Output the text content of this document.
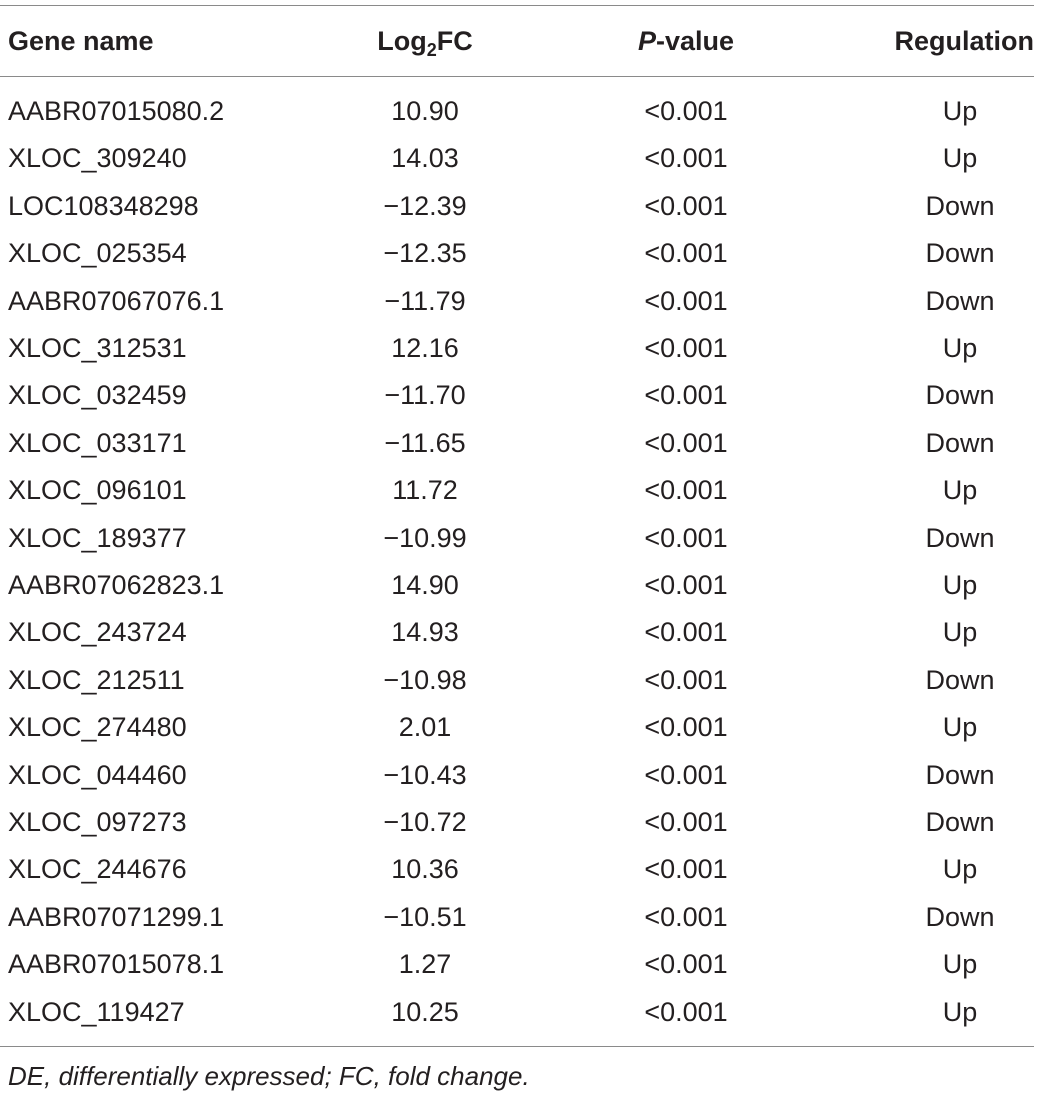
Gene name	Log$_2$FC	P-value	Regulation
AABR07015080.2	10.90	<0.001	Up
XLOC_309240	14.03	<0.001	Up
LOC108348298	−12.39	<0.001	Down
XLOC_025354	−12.35	<0.001	Down
AABR07067076.1	−11.79	<0.001	Down
XLOC_312531	12.16	<0.001	Up
XLOC_032459	−11.70	<0.001	Down
XLOC_033171	−11.65	<0.001	Down
XLOC_096101	11.72	<0.001	Up
XLOC_189377	−10.99	<0.001	Down
AABR07062823.1	14.90	<0.001	Up
XLOC_243724	14.93	<0.001	Up
XLOC_212511	−10.98	<0.001	Down
XLOC_274480	2.01	<0.001	Up
XLOC_044460	−10.43	<0.001	Down
XLOC_097273	−10.72	<0.001	Down
XLOC_244676	10.36	<0.001	Up
AABR07071299.1	−10.51	<0.001	Down
AABR07015078.1	1.27	<0.001	Up
XLOC_119427	10.25	<0.001	Up
DE, differentially expressed; FC, fold change.
